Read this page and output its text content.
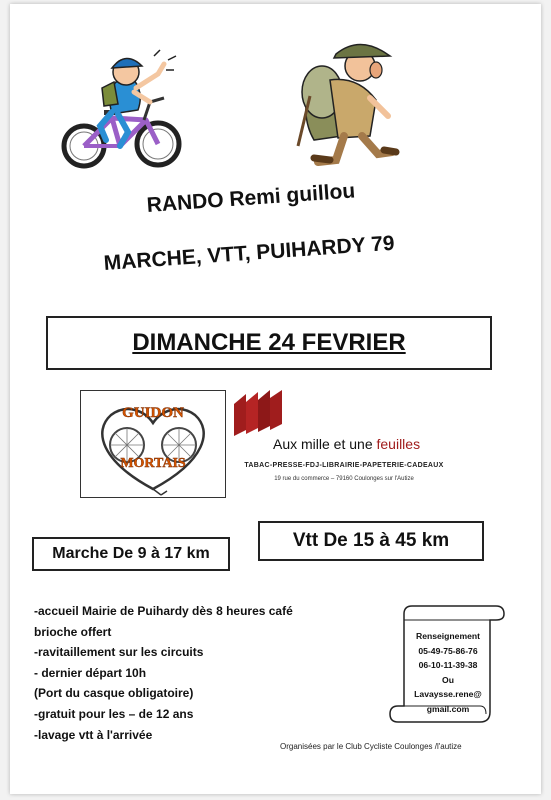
RANDO Remi guillou
MARCHE, VTT, PUIHARDY 79
DIMANCHE 24 FEVRIER
GUIDON
MORTAIS
Aux mille et une feuilles
TABAC-PRESSE-FDJ-LIBRAIRIE-PAPETERIE-CADEAUX
19 rue du commerce – 79160 Coulonges sur l'Autize
Vtt De 15 à 45 km
Marche De 9 à 17 km
-accueil Mairie de Puihardy dès 8 heures café
brioche offert
-ravitaillement sur les circuits
- dernier départ 10h
(Port du casque obligatoire)
-gratuit pour les – de 12 ans
-lavage vtt à l'arrivée
Renseignement
05-49-75-86-76
06-10-11-39-38
Ou
Lavaysse.rene@
gmail.com
Organisées par le Club Cycliste Coulonges /l'autize
